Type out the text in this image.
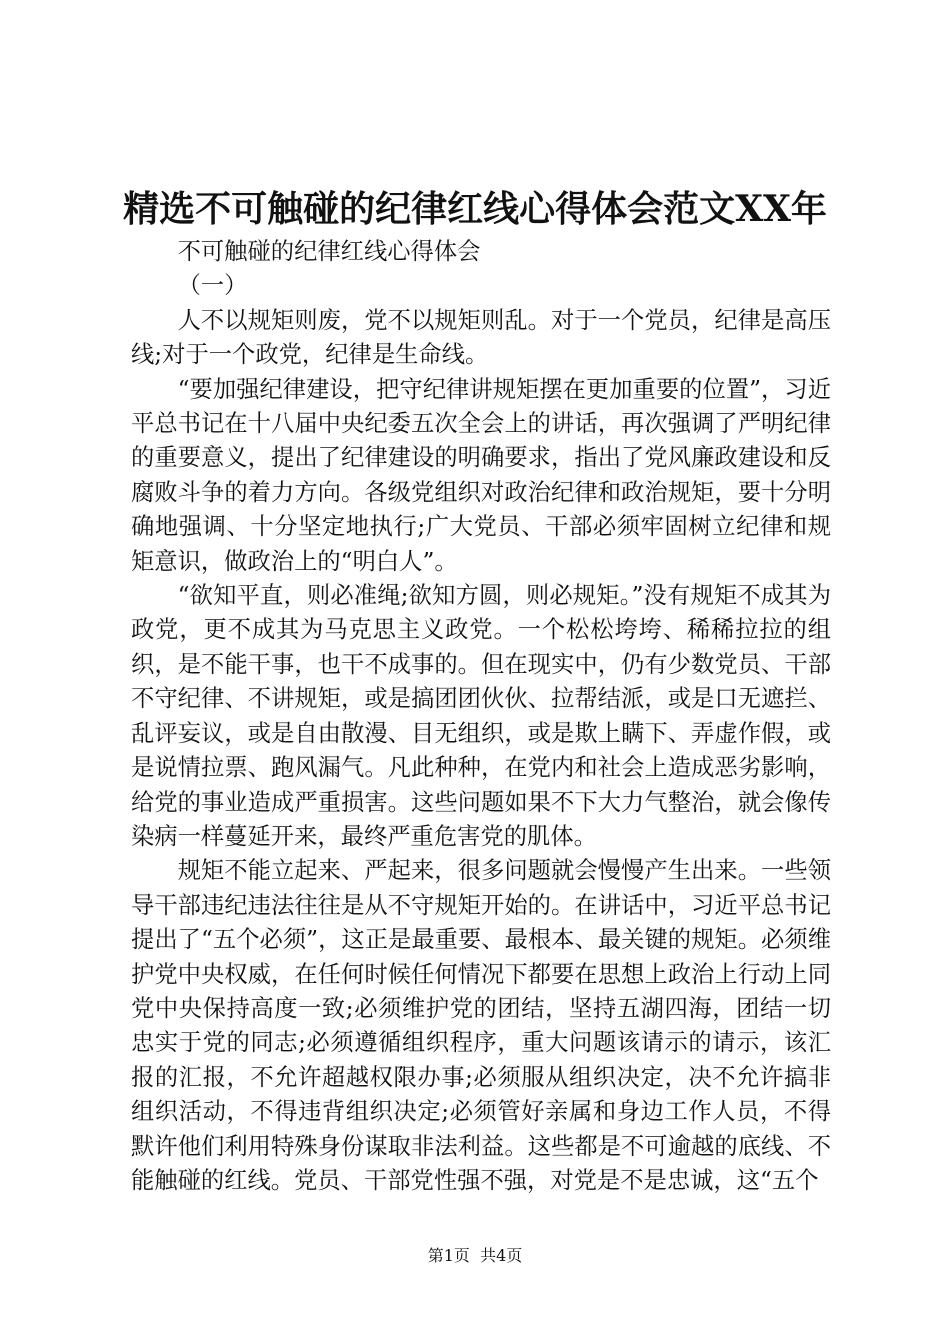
精选不可触碰的纪律红线心得体会范文XX年

不可触碰的纪律红线心得体会

（一）

人不以规矩则废，党不以规矩则乱。对于一个党员，纪律是高压线;对于一个政党，纪律是生命线。

“要加强纪律建设，把守纪律讲规矩摆在更加重要的位置”，习近平总书记在十八届中央纪委五次全会上的讲话，再次强调了严明纪律的重要意义，提出了纪律建设的明确要求，指出了党风廉政建设和反腐败斗争的着力方向。各级党组织对政治纪律和政治规矩，要十分明确地强调、十分坚定地执行;广大党员、干部必须牢固树立纪律和规矩意识，做政治上的“明白人”。

“欲知平直，则必准绳;欲知方圆，则必规矩。”没有规矩不成其为政党，更不成其为马克思主义政党。一个松松垮垮、稀稀拉拉的组织，是不能干事，也干不成事的。但在现实中，仍有少数党员、干部不守纪律、不讲规矩，或是搞团团伙伙、拉帮结派，或是口无遮拦、乱评妄议，或是自由散漫、目无组织，或是欺上瞒下、弄虚作假，或是说情拉票、跑风漏气。凡此种种，在党内和社会上造成恶劣影响，给党的事业造成严重损害。这些问题如果不下大力气整治，就会像传染病一样蔓延开来，最终严重危害党的肌体。

规矩不能立起来、严起来，很多问题就会慢慢产生出来。一些领导干部违纪违法往往是从不守规矩开始的。在讲话中，习近平总书记提出了“五个必须”，这正是最重要、最根本、最关键的规矩。必须维护党中央权威，在任何时候任何情况下都要在思想上政治上行动上同党中央保持高度一致;必须维护党的团结，坚持五湖四海，团结一切忠实于党的同志;必须遵循组织程序，重大问题该请示的请示，该汇报的汇报，不允许超越权限办事;必须服从组织决定，决不允许搞非组织活动，不得违背组织决定;必须管好亲属和身边工作人员，不得默许他们利用特殊身份谋取非法利益。这些都是不可逾越的底线、不能触碰的红线。党员、干部党性强不强，对党是不是忠诚，这“五个

第1页  共4页
